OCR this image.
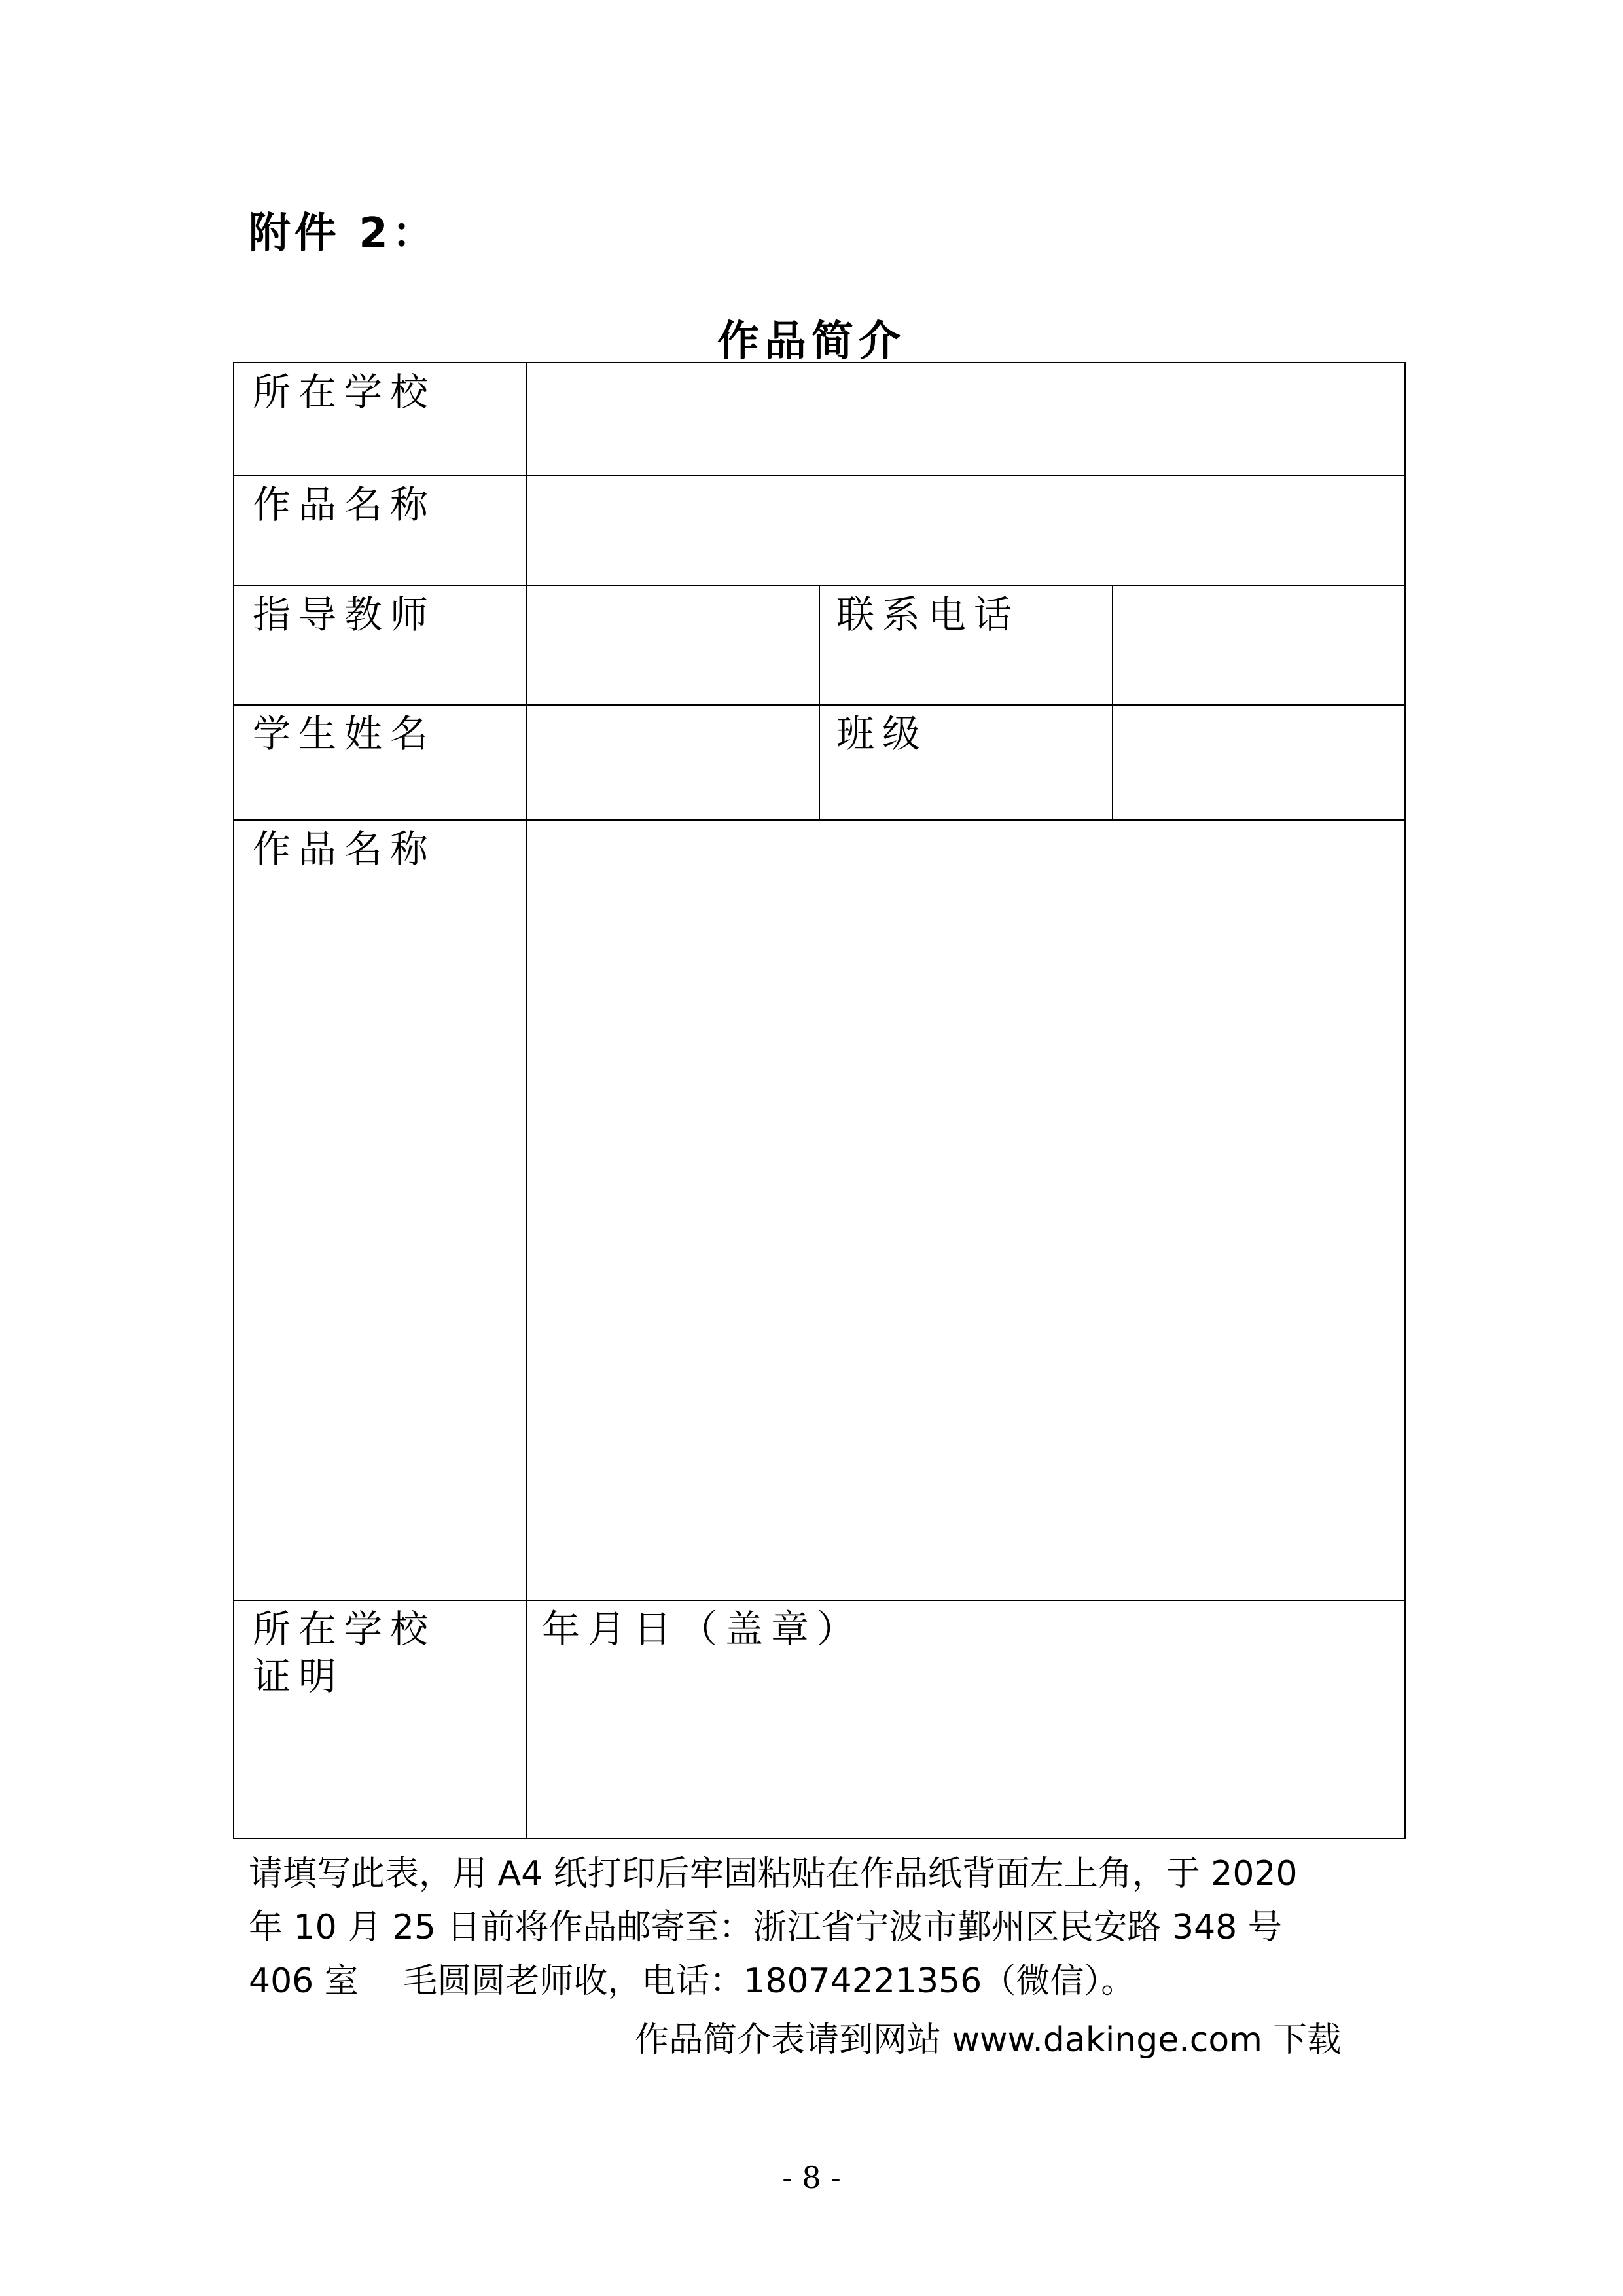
附件 2：
作品简介
所在学校
作品名称
指导教师	联系电话
学生姓名	班级
作品名称
所在学校
证明
年月日（盖章）
请填写此表，用 A4 纸打印后牢固粘贴在作品纸背面左上角，于 2020
年 10 月 25 日前将作品邮寄至：浙江省宁波市鄞州区民安路 348 号
406 室　 毛圆圆老师收，电话：18074221356（微信）。
作品简介表请到网站 www.dakinge.com 下载
- 8 -
